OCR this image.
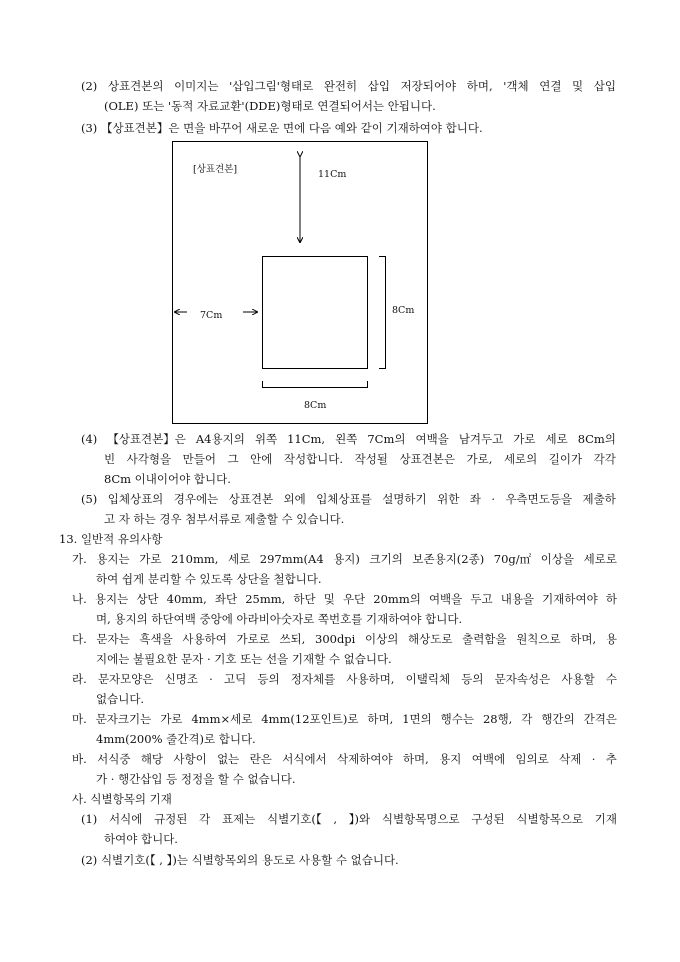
(2) 상표견본의 이미지는 '삽입그림'형태로 완전히 삽입 저장되어야 하며, '객체 연결 및 삽입
(OLE) 또는 '동적 자료교환'(DDE)형태로 연결되어서는 안됩니다.
(3) 【상표견본】은 면을 바꾸어 새로운 면에 다음 예와 같이 기재하여야 합니다.
[상표견본]	11Cm
7Cm	8Cm
8Cm
(4) 【상표견본】은 A4용지의 위쪽 11Cm, 왼쪽 7Cm의 여백을 남겨두고 가로 세로 8Cm의
빈 사각형을 만들어 그 안에 작성합니다. 작성될 상표견본은 가로, 세로의 길이가 각각
8Cm 이내이어야 합니다.
(5) 입체상표의 경우에는 상표견본 외에 입체상표를 설명하기 위한 좌 · 우측면도등을 제출하
고 자 하는 경우 첨부서류로 제출할 수 있습니다.
13. 일반적 유의사항
가. 용지는 가로 210mm, 세로 297mm(A4 용지) 크기의 보존용지(2종) 70g/㎡ 이상을 세로로
하여 쉽게 분리할 수 있도록 상단을 철합니다.
나. 용지는 상단 40mm, 좌단 25mm, 하단 및 우단 20mm의 여백을 두고 내용을 기재하여야 하
며, 용지의 하단여백 중앙에 아라비아숫자로 쪽번호를 기재하여야 합니다.
다. 문자는 흑색을 사용하여 가로로 쓰되, 300dpi 이상의 해상도로 출력함을 원칙으로 하며, 용
지에는 불필요한 문자 · 기호 또는 선을 기재할 수 없습니다.
라. 문자모양은 신명조 · 고딕 등의 정자체를 사용하며, 이탤릭체 등의 문자속성은 사용할 수
없습니다.
마. 문자크기는 가로 4mm×세로 4mm(12포인트)로 하며, 1면의 행수는 28행, 각 행간의 간격은
4mm(200% 줄간격)로 합니다.
바. 서식중 해당 사항이 없는 란은 서식에서 삭제하여야 하며, 용지 여백에 임의로 삭제 · 추
가 · 행간삽입 등 정정을 할 수 없습니다.
사. 식별항목의 기재
(1) 서식에 규정된 각 표제는 식별기호(【 , 】)와 식별항목명으로 구성된 식별항목으로 기재
하여야 합니다.
(2) 식별기호(【 , 】)는 식별항목외의 용도로 사용할 수 없습니다.
